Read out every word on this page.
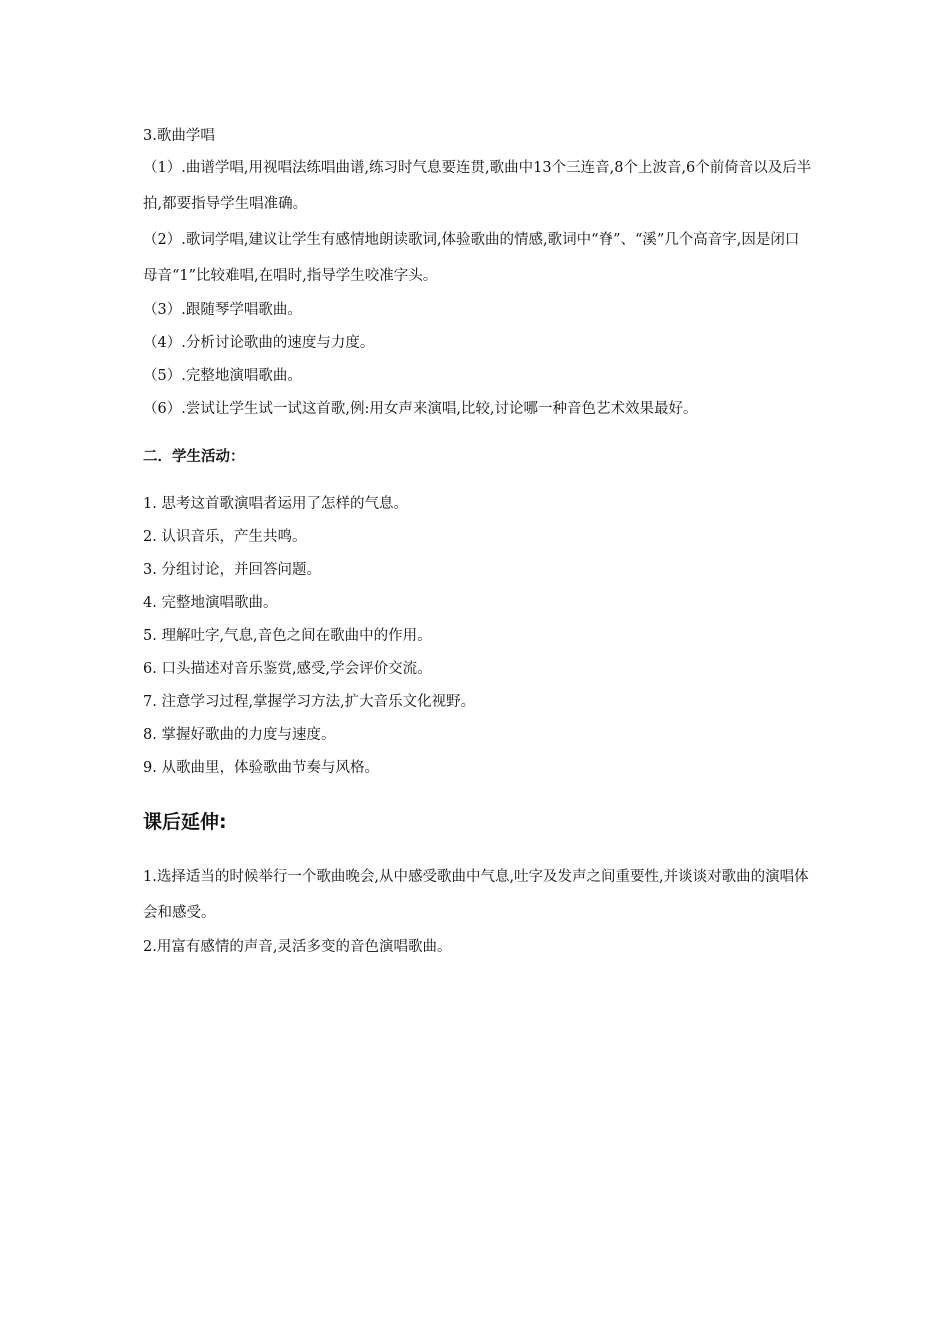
3.歌曲学唱

（1）.曲谱学唱,用视唱法练唱曲谱,练习时气息要连贯,歌曲中13个三连音,8个上波音,6个前倚音以及后半拍,都要指导学生唱准确。

（2）.歌词学唱,建议让学生有感情地朗读歌词,体验歌曲的情感,歌词中“脊”、“溪”几个高音字,因是闭口母音“1”比较难唱,在唱时,指导学生咬准字头。

（3）.跟随琴学唱歌曲。

（4）.分析讨论歌曲的速度与力度。

（5）.完整地演唱歌曲。

（6）.尝试让学生试一试这首歌,例:用女声来演唱,比较,讨论哪一种音色艺术效果最好。

二．学生活动：

1. 思考这首歌演唱者运用了怎样的气息。

2. 认识音乐，产生共鸣。

3. 分组讨论，并回答问题。

4. 完整地演唱歌曲。

5. 理解吐字,气息,音色之间在歌曲中的作用。

6. 口头描述对音乐鉴赏,感受,学会评价交流。

7. 注意学习过程,掌握学习方法,扩大音乐文化视野。

8. 掌握好歌曲的力度与速度。

9. 从歌曲里，体验歌曲节奏与风格。

课后延伸:

1.选择适当的时候举行一个歌曲晚会,从中感受歌曲中气息,吐字及发声之间重要性,并谈谈对歌曲的演唱体会和感受。

2.用富有感情的声音,灵活多变的音色演唱歌曲。
